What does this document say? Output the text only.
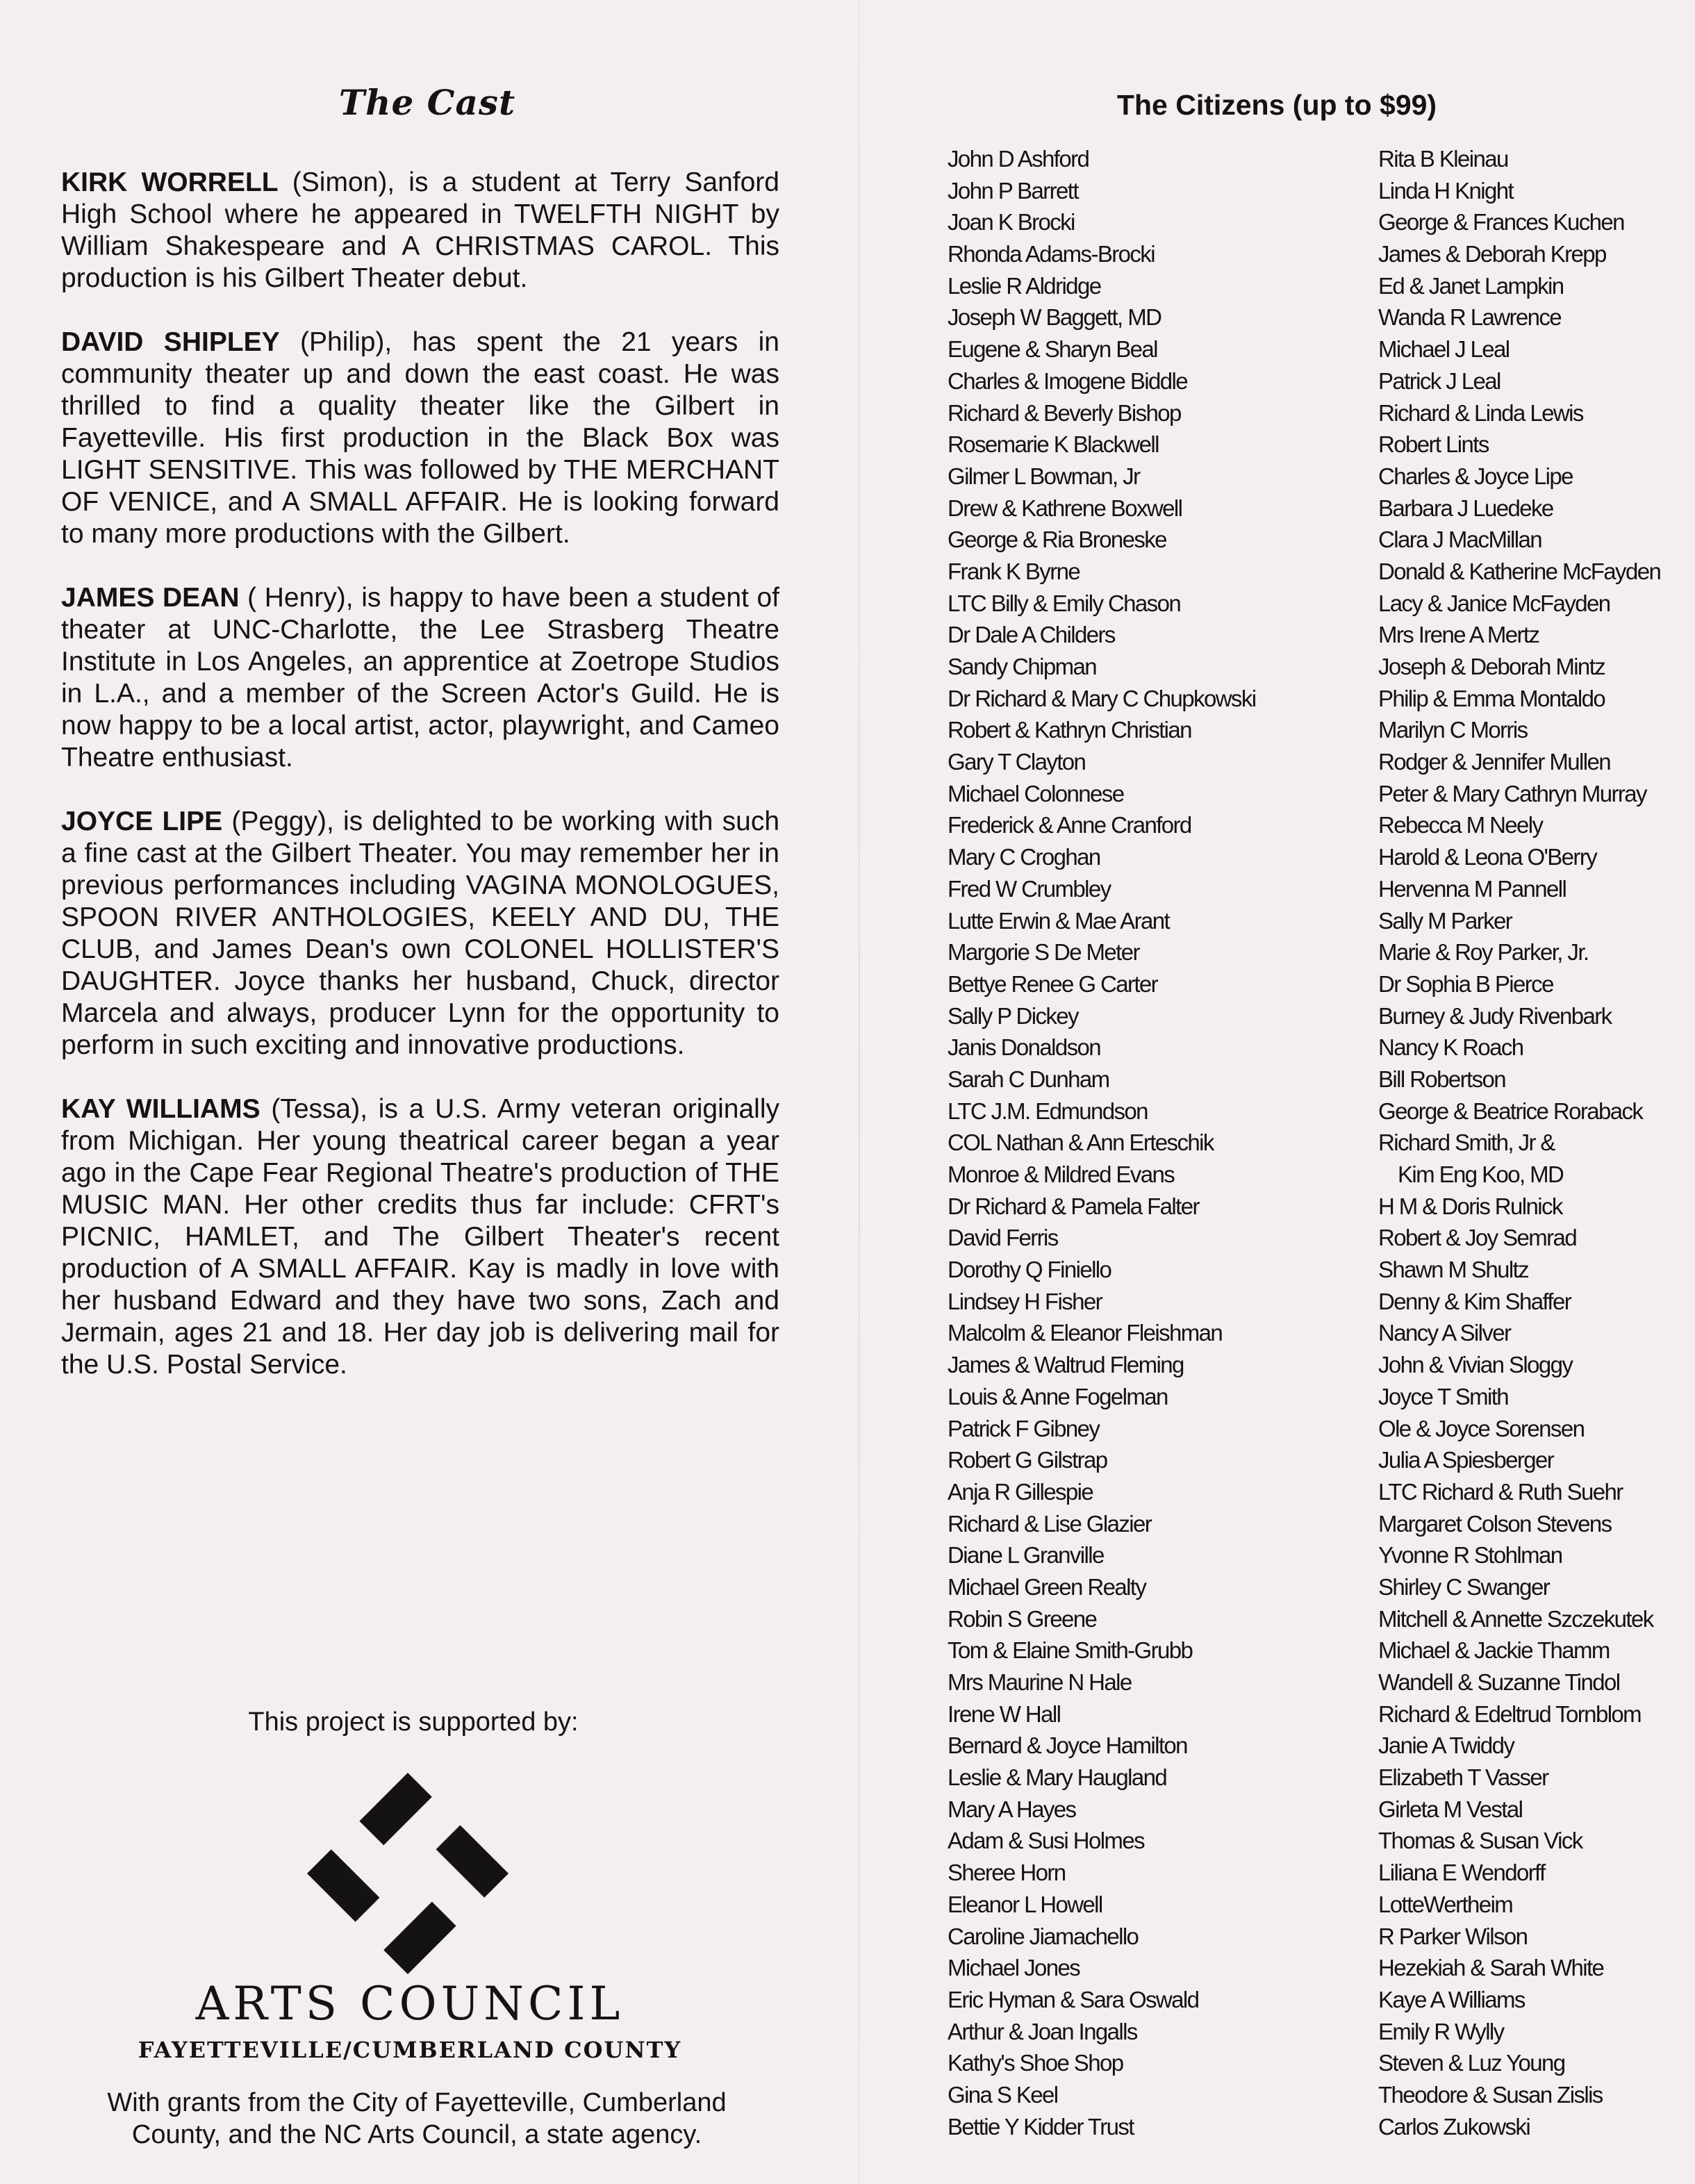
The Cast

KIRK WORRELL (Simon), is a student at Terry Sanford High School where he appeared in TWELFTH NIGHT by William Shakespeare and A CHRISTMAS CAROL. This production is his Gilbert Theater debut.

DAVID SHIPLEY (Philip), has spent the 21 years in community theater up and down the east coast. He was thrilled to find a quality theater like the Gilbert in Fayetteville. His first production in the Black Box was LIGHT SENSITIVE. This was followed by THE MERCHANT OF VENICE, and A SMALL AFFAIR. He is looking forward to many more productions with the Gilbert.

JAMES DEAN ( Henry), is happy to have been a student of theater at UNC-Charlotte, the Lee Strasberg Theatre Institute in Los Angeles, an apprentice at Zoetrope Studios in L.A., and a member of the Screen Actor's Guild. He is now happy to be a local artist, actor, playwright, and Cameo Theatre enthusiast.

JOYCE LIPE (Peggy), is delighted to be working with such a fine cast at the Gilbert Theater. You may remember her in previous performances including VAGINA MONOLOGUES, SPOON RIVER ANTHOLOGIES, KEELY AND DU, THE CLUB, and James Dean's own COLONEL HOLLISTER'S DAUGHTER. Joyce thanks her husband, Chuck, director Marcela and always, producer Lynn for the opportunity to perform in such exciting and innovative productions.

KAY WILLIAMS (Tessa), is a U.S. Army veteran originally from Michigan. Her young theatrical career began a year ago in the Cape Fear Regional Theatre's production of THE MUSIC MAN. Her other credits thus far include: CFRT's PICNIC, HAMLET, and The Gilbert Theater's recent production of A SMALL AFFAIR. Kay is madly in love with her husband Edward and they have two sons, Zach and Jermain, ages 21 and 18. Her day job is delivering mail for the U.S. Postal Service.

This project is supported by:
ARTS COUNCIL
FAYETTEVILLE/CUMBERLAND COUNTY
With grants from the City of Fayetteville, Cumberland County, and the NC Arts Council, a state agency.
The Citizens (up to $99)
John D Ashford
John P Barrett
Joan K Brocki
Rhonda Adams-Brocki
Leslie R Aldridge
Joseph W Baggett, MD
Eugene & Sharyn Beal
Charles & Imogene Biddle
Richard & Beverly Bishop
Rosemarie K Blackwell
Gilmer L Bowman, Jr
Drew & Kathrene Boxwell
George & Ria Broneske
Frank K Byrne
LTC Billy & Emily Chason
Dr Dale A Childers
Sandy Chipman
Dr Richard & Mary C Chupkowski
Robert & Kathryn Christian
Gary T Clayton
Michael Colonnese
Frederick & Anne Cranford
Mary C Croghan
Fred W Crumbley
Lutte Erwin & Mae Arant
Margorie S De Meter
Bettye Renee G Carter
Sally P Dickey
Janis Donaldson
Sarah C Dunham
LTC J.M. Edmundson
COL Nathan & Ann Erteschik
Monroe & Mildred Evans
Dr Richard & Pamela Falter
David Ferris
Dorothy Q Finiello
Lindsey H Fisher
Malcolm & Eleanor Fleishman
James & Waltrud Fleming
Louis & Anne Fogelman
Patrick F Gibney
Robert G Gilstrap
Anja R Gillespie
Richard & Lise Glazier
Diane L Granville
Michael Green Realty
Robin S Greene
Tom & Elaine Smith-Grubb
Mrs Maurine N Hale
Irene W Hall
Bernard & Joyce Hamilton
Leslie & Mary Haugland
Mary A Hayes
Adam & Susi Holmes
Sheree Horn
Eleanor L Howell
Caroline Jiamachello
Michael Jones
Eric Hyman & Sara Oswald
Arthur & Joan Ingalls
Kathy's Shoe Shop
Gina S Keel
Bettie Y Kidder Trust
Rita B Kleinau
Linda H Knight
George & Frances Kuchen
James & Deborah Krepp
Ed & Janet Lampkin
Wanda R Lawrence
Michael J Leal
Patrick J Leal
Richard & Linda Lewis
Robert Lints
Charles & Joyce Lipe
Barbara J Luedeke
Clara J MacMillan
Donald & Katherine McFayden
Lacy & Janice McFayden
Mrs Irene A Mertz
Joseph & Deborah Mintz
Philip & Emma Montaldo
Marilyn C Morris
Rodger & Jennifer Mullen
Peter & Mary Cathryn Murray
Rebecca M Neely
Harold & Leona O'Berry
Hervenna M Pannell
Sally M Parker
Marie & Roy Parker, Jr.
Dr Sophia B Pierce
Burney & Judy Rivenbark
Nancy K Roach
Bill Robertson
George & Beatrice Roraback
Richard Smith, Jr &
Kim Eng Koo, MD
H M & Doris Rulnick
Robert & Joy Semrad
Shawn M Shultz
Denny & Kim Shaffer
Nancy A Silver
John & Vivian Sloggy
Joyce T Smith
Ole & Joyce Sorensen
Julia A Spiesberger
LTC Richard & Ruth Suehr
Margaret Colson Stevens
Yvonne R Stohlman
Shirley C Swanger
Mitchell & Annette Szczekutek
Michael & Jackie Thamm
Wandell & Suzanne Tindol
Richard & Edeltrud Tornblom
Janie A Twiddy
Elizabeth T Vasser
Girleta M Vestal
Thomas & Susan Vick
Liliana E Wendorff
LotteWertheim
R Parker Wilson
Hezekiah & Sarah White
Kaye A Williams
Emily R Wylly
Steven & Luz Young
Theodore & Susan Zislis
Carlos Zukowski
